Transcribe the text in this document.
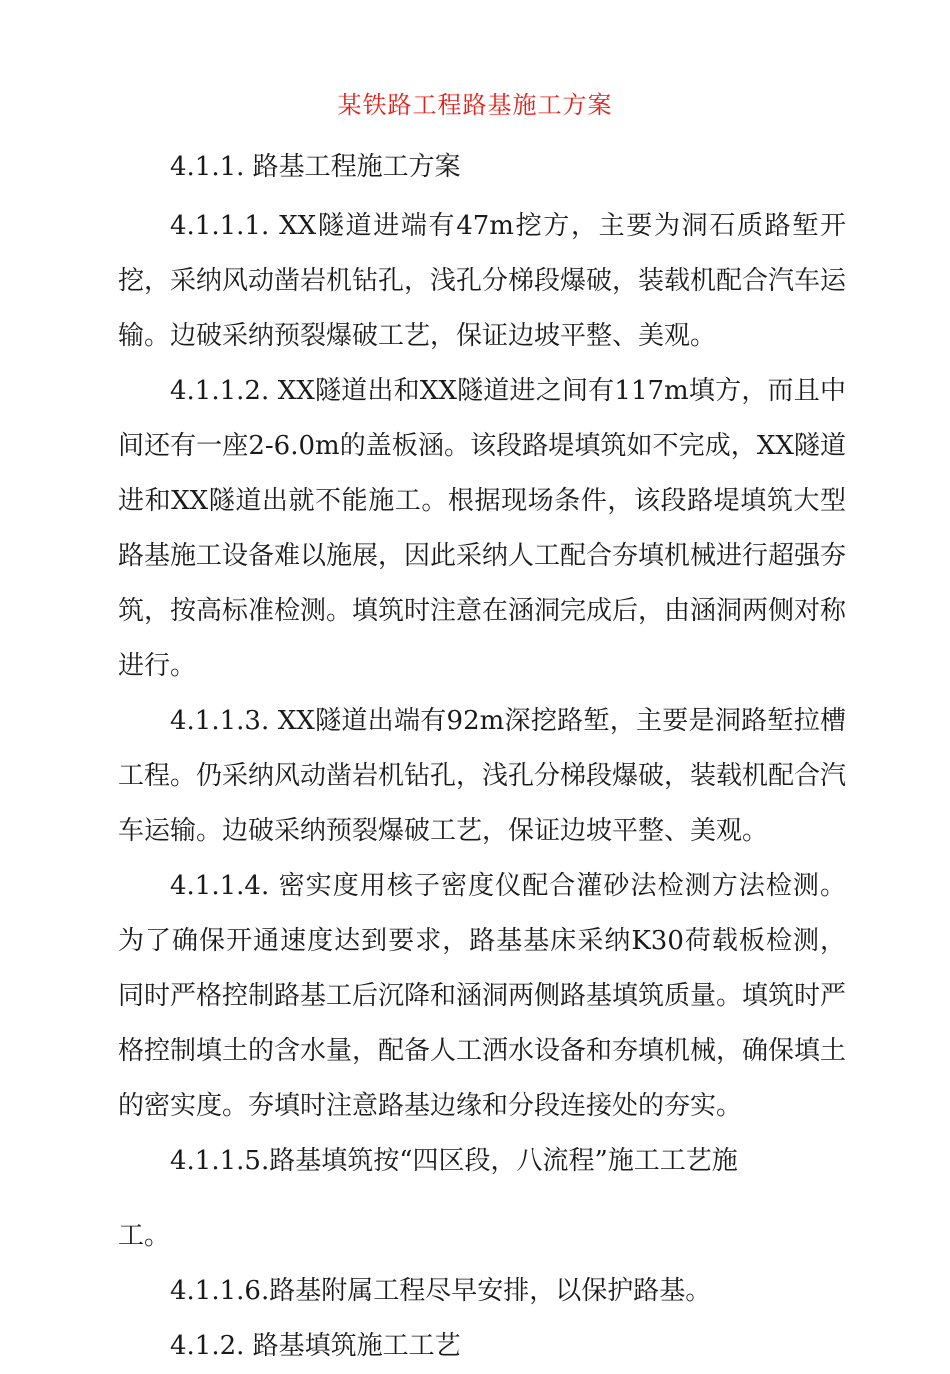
某铁路工程路基施工方案

4.1.1. 路基工程施工方案

4.1.1.1. XX隧道进端有47m挖方，主要为洞石质路堑开挖，采纳风动凿岩机钻孔，浅孔分梯段爆破，装载机配合汽车运输。边破采纳预裂爆破工艺，保证边坡平整、美观。

4.1.1.2. XX隧道出和XX隧道进之间有117m填方，而且中间还有一座2-6.0m的盖板涵。该段路堤填筑如不完成，XX隧道进和XX隧道出就不能施工。根据现场条件，该段路堤填筑大型路基施工设备难以施展，因此采纳人工配合夯填机械进行超强夯筑，按高标准检测。填筑时注意在涵洞完成后，由涵洞两侧对称进行。

4.1.1.3. XX隧道出端有92m深挖路堑，主要是洞路堑拉槽工程。仍采纳风动凿岩机钻孔，浅孔分梯段爆破，装载机配合汽车运输。边破采纳预裂爆破工艺，保证边坡平整、美观。

4.1.1.4. 密实度用核子密度仪配合灌砂法检测方法检测。为了确保开通速度达到要求，路基基床采纳K30荷载板检测，同时严格控制路基工后沉降和涵洞两侧路基填筑质量。填筑时严格控制填土的含水量，配备人工洒水设备和夯填机械，确保填土的密实度。夯填时注意路基边缘和分段连接处的夯实。

4.1.1.5.路基填筑按“四区段，八流程”施工工艺施

工。

4.1.1.6.路基附属工程尽早安排，以保护路基。

4.1.2. 路基填筑施工工艺
